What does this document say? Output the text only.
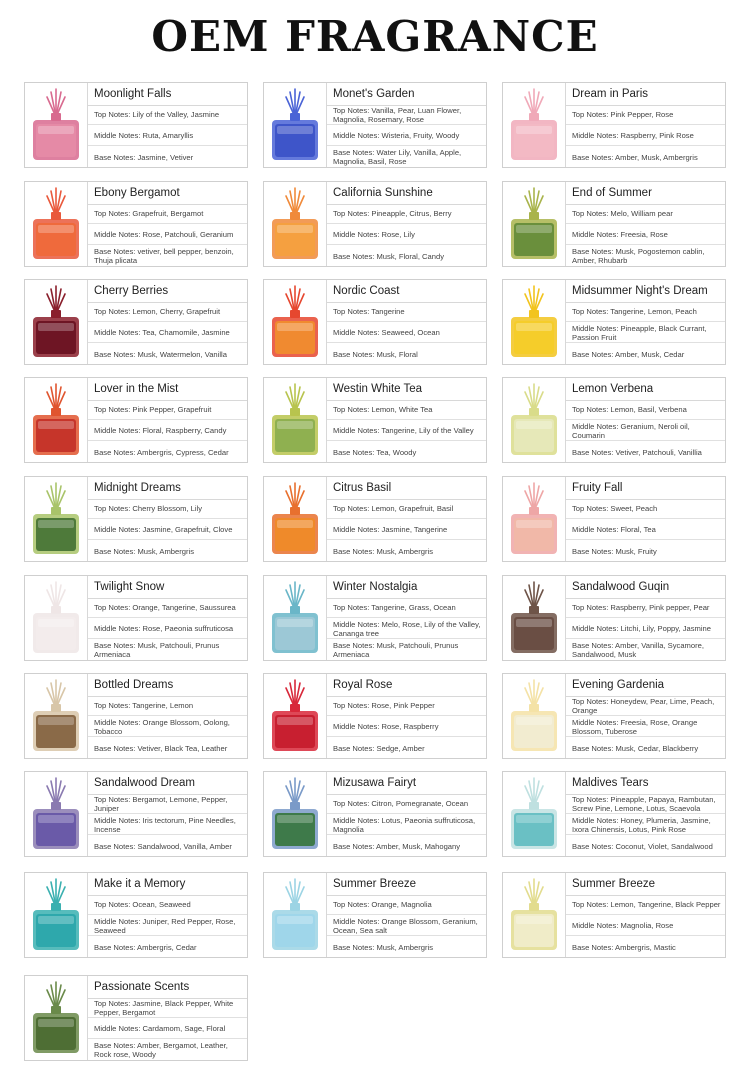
OEM FRAGRANCE
Moonlight Falls
Top Notes: Lily of the Valley, Jasmine
Middle Notes: Ruta, Amaryllis
Base Notes: Jasmine, Vetiver
Monet's Garden
Top Notes: Vanilla, Pear, Luan Flower, Magnolia, Rosemary, Rose
Middle Notes: Wisteria, Fruity, Woody
Base Notes: Water Lily, Vanilla, Apple, Magnolia, Basil, Rose
Dream in Paris
Top Notes: Pink Pepper, Rose
Middle Notes: Raspberry, Pink Rose
Base Notes: Amber, Musk, Ambergris
Ebony Bergamot
Top Notes: Grapefruit, Bergamot
Middle Notes: Rose, Patchouli, Geranium
Base Notes: vetiver, bell pepper, benzoin, Thuja plicata
California Sunshine
Top Notes: Pineapple, Citrus, Berry
Middle Notes: Rose, Lily
Base Notes: Musk, Floral, Candy
End of Summer
Top Notes: Melo, William pear
Middle Notes: Freesia, Rose
Base Notes: Musk, Pogostemon cablin, Amber, Rhubarb
Cherry Berries
Top Notes: Lemon, Cherry, Grapefruit
Middle Notes: Tea, Chamomile, Jasmine
Base Notes: Musk, Watermelon, Vanilla
Nordic Coast
Top Notes: Tangerine
Middle Notes: Seaweed, Ocean
Base Notes: Musk, Floral
Midsummer Night's Dream
Top Notes: Tangerine, Lemon, Peach
Middle Notes: Pineapple, Black Currant, Passion Fruit
Base Notes: Amber, Musk, Cedar
Lover in the Mist
Top Notes: Pink Pepper, Grapefruit
Middle Notes: Floral, Raspberry, Candy
Base Notes: Ambergris, Cypress, Cedar
Westin White Tea
Top Notes: Lemon, White Tea
Middle Notes: Tangerine, Lily of the Valley
Base Notes: Tea, Woody
Lemon Verbena
Top Notes: Lemon, Basil, Verbena
Middle Notes: Geranium, Neroli oil, Coumarin
Base Notes: Vetiver, Patchouli, Vanillia
Midnight Dreams
Top Notes: Cherry Blossom, Lily
Middle Notes: Jasmine, Grapefruit, Clove
Base Notes: Musk, Ambergris
Citrus Basil
Top Notes: Lemon, Grapefruit, Basil
Middle Notes: Jasmine, Tangerine
Base Notes: Musk, Ambergris
Fruity Fall
Top Notes: Sweet, Peach
Middle Notes: Floral, Tea
Base Notes: Musk, Fruity
Twilight Snow
Top Notes: Orange, Tangerine, Saussurea
Middle Notes: Rose, Paeonia suffruticosa
Base Notes: Musk, Patchouli, Prunus Armeniaca
Winter Nostalgia
Top Notes: Tangerine, Grass, Ocean
Middle Notes: Melo, Rose, Lily of the Valley, Cananga tree
Base Notes: Musk, Patchouli, Prunus Armeniaca
Sandalwood Guqin
Top Notes: Raspberry, Pink pepper, Pear
Middle Notes: Litchi, Lily, Poppy, Jasmine
Base Notes: Amber, Vanilla, Sycamore, Sandalwood, Musk
Bottled Dreams
Top Notes: Tangerine, Lemon
Middle Notes: Orange Blossom, Oolong, Tobacco
Base Notes: Vetiver, Black Tea, Leather
Royal Rose
Top Notes: Rose, Pink Pepper
Middle Notes: Rose, Raspberry
Base Notes: Sedge, Amber
Evening Gardenia
Top Notes: Honeydew, Pear, Lime, Peach, Orange
Middle Notes: Freesia, Rose, Orange Blossom, Tuberose
Base Notes: Musk, Cedar, Blackberry
Sandalwood Dream
Top Notes: Bergamot, Lemone, Pepper, Juniper
Middle Notes: Iris tectorum, Pine Needles, Incense
Base Notes: Sandalwood, Vanilla, Amber
Mizusawa Fairyt
Top Notes: Citron, Pomegranate, Ocean
Middle Notes: Lotus, Paeonia suffruticosa, Magnolia
Base Notes: Amber, Musk, Mahogany
Maldives Tears
Top Notes: Pineapple, Papaya, Rambutan, Screw Pine, Lemone, Lotus, Scaevola
Middle Notes: Honey, Plumeria, Jasmine, Ixora Chinensis, Lotus, Pink Rose
Base Notes: Coconut, Violet, Sandalwood
Make it a Memory
Top Notes: Ocean, Seaweed
Middle Notes: Juniper, Red Pepper, Rose, Seaweed
Base Notes: Ambergris, Cedar
Summer Breeze
Top Notes: Orange, Magnolia
Middle Notes: Orange Blossom, Geranium, Ocean, Sea salt
Base Notes: Musk, Ambergris
Summer Breeze
Top Notes: Lemon, Tangerine, Black Pepper
Middle Notes: Magnolia, Rose
Base Notes: Ambergris, Mastic
Passionate Scents
Top Notes: Jasmine, Black Pepper, White Pepper, Bergamot
Middle Notes: Cardamom, Sage, Floral
Base Notes: Amber, Bergamot, Leather, Rock rose, Woody
